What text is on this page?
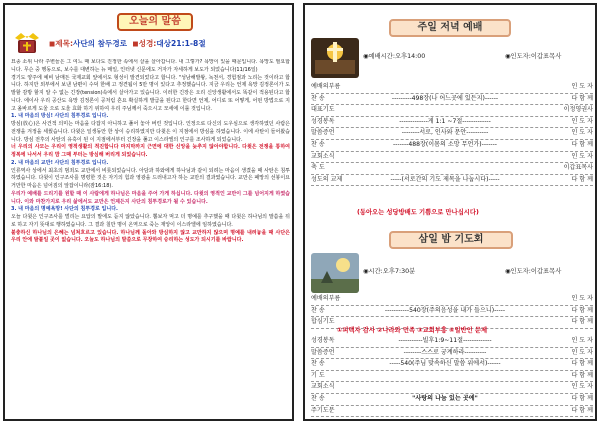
오늘의 말씀
◼제목:사단의 참두경로 ◼성경:대상21:1-8절

묘종 소위 나라 주변들은 그 여느 때 보다도 진정한 속에서 살을 살아갑니다. 내 그렇가? 욕망이 있을 때문입니다. 욕망도 필요합니다. 무슨 중 행동으로, 보수를 대변하는 뉴 매일, 인터넷 신문에도 거자가 자세하게 보도가 되었습니다(11/16일)

경기도 양주에 예비 남매든 국제교회 앞에서도 형성이 발견되었다고 합니다. "성남해발왕, 녹천서, 경험점과 노리는 것이라고 합니다. 하지만 외부에서 보낸 남편이 수덕 한배 고 정견됨이 5만 명이 있다고 추정했습니다. 지금 우리는 언제 욕망 김정론이가 도발할 감방 할지 알 수 없는 긴장(tension)속에서 살아가고 있습니다. 이러한 긴장은 오리 신앙생활에서도 똑같이 적용된다고 합니다. 에이사 우리 공산도 욕망 김정론이 공처럼 흔요 확실하게 발급을 된다고 한다면 언제, 어디로 또 어떻게, 어떤 방법으로 지고 올바르게 도울 으로 도울 효화 하기 위하여 우리 주님께서 죽으시고 모세에 이룰 것입니다.

1. 내 마음의 방심! 사단의 침투경로 입니다.

방심(放心)은 사건적 의미는 마음을 다잡지 아니하고 풀어 놓아 버린 것입니다. 인정으로 다신의 도우심으로 생각하였던 사람은 전쟁을 겨정을 세웠습니다. 다윗은 일생동안 한 상이 승리하였지만 다윗은 이 지점에서 방심을 하였습니다. 이에 사탄이 들어왔습니다. 방심 전후의 사탄의 유혹이 된 이 지점에서부터 긴장을 풀고 이스라엘의 인구를 조사하게 되었습니다.

너 우리의 사모는 우리이 영적생활의 적진합니다 마지막까지 근면에 대한 신앙을 늦추지 않아야합니다. 다윗은 전쟁을 통하여 정복에 나서서 우리 맘 그때 부터는 방심해 버리게 되었습니다.

2. 내 마음의 교만! 사단의 침투경로 입니다.

인류역사 상에서 최초의 범죄도 교만에서 비롯되었습니다. 아담과 하와에게 하나님과 같이 되려는 마음이 생겼을 때 사탄은 침투하였습니다. 다윗이 인구조사를 명령한 것은 자기의 힘과 영광을 드러내고자 하는 교만의 결과였습니다. 교만은 패망의 선봉이요 거만한 마음은 넘어짐의 앞잡이니라(잠16:18).

우리가 예배를 드리기를 원할 때 이 사람에게 하나님은 마음을 주어 가게 하십니다. 다윗의 영적인 교만이 그를 넘어지게 하였습니다. 이와 마찬가지로 우리 삶에서도 교만은 언제든지 사단의 침투경로가 될 수 있습니다.

3. 내 마음의 명예욕망! 사단의 침투경로 입니다.

오늘 다윗은 인구조사를 벌리는 요압의 말에도 듣지 않았습니다. 뽑보자 먹고 더 명예를 추구했을 때 다윗은 하나님의 말씀을 뒤로 하고 자기 뜻대로 행하였습니다. 그 결과 칠만 명이 온역으로 죽는 재앙이 이스라엘에 임하였습니다.

불충하신 하나님의 은혜는 넘쳐흐르고 있습니다. 하나님께 돌아와 방심하지 않고 교만하지 않으며 명예를 내려놓을 때 사단은 우리 안에 발붙일 곳이 없습니다. 오늘도 하나님의 말씀으로 무장하여 승리하는 성도가 되시기를 바랍니다.

주일 저녁 예배
◉예배시간:오후14:00	◉인도자:이갑표목사
예배의부름	인 도 자
찬 송	---------498장(나 어느곳에 있든지)------	다 함 께
대표기도	이정영권사
성경봉독	-------------게 1:1 ~7절-------------	인 도 자
말씀증언	--------서로, 인사와 문안----------	인 도 자
찬 송	-------488장(이몸의 소망 무언가)-------	다 함 께
교회소식	인 도 자
축 도	이갑표목사
성도의 교제	-----(서로간의 기도 제목을 나눕시다)-----	다 함 께
(동아오는 성당방배도 기쁨으로 만나십시다)
삼일 밤 기도회
◉시간:오후7:30분	◉인도자:이갑표목사
예배의부름	인 도 자
찬 송	-----------540장(주의음성을 내가 들으니)-----	다 함 께
합심기도	다 함 께
①피택자 감사 ②나라와 민족 ③교회부흥 ④일반인 문제
성경봉독	-----------빌후1:9~11절-------------	인 도 자
말씀증언	--------스스로 궁계하라----------	인 도 자
찬 송	-----540(주님 맞속하신 말씀 위에서)------	다 함 께
기 도	다 함 께
교회소식	인 도 자
찬 송	"사랑의 나눔 있는 곳에"	다 함 께
주기도문	다 함 께
